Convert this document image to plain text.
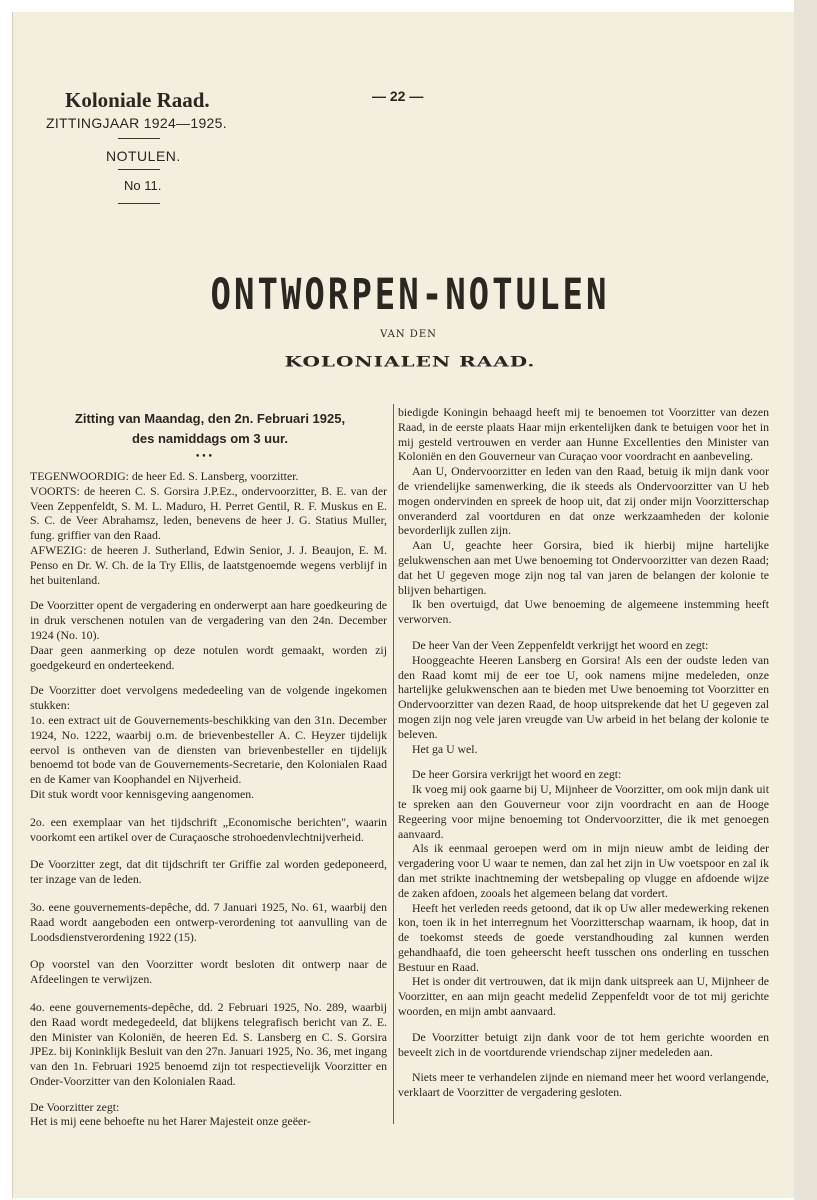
Koloniale Raad.	— 22 —
ZITTINGJAAR 1924—1925.
NOTULEN.
No 11.
ONTWORPEN-NOTULEN
VAN DEN
KOLONIALEN RAAD.
Zitting van Maandag, den 2n. Februari 1925,
des namiddags om 3 uur.
•••

TEGENWOORDIG: de heer Ed. S. Lansberg, voorzitter.

VOORTS: de heeren C. S. Gorsira J.P.Ez., ondervoorzitter, B. E. van der Veen Zeppenfeldt, S. M. L. Maduro, H. Perret Gentil, R. F. Muskus en E. S. C. de Veer Abrahamsz, leden, benevens de heer J. G. Statius Muller, fung. griffier van den Raad.

AFWEZIG: de heeren J. Sutherland, Edwin Senior, J. J. Beaujon, E. M. Penso en Dr. W. Ch. de la Try Ellis, de laatstgenoemde wegens verblijf in het buitenland.

De Voorzitter opent de vergadering en onderwerpt aan hare goedkeuring de in druk verschenen notulen van de vergadering van den 24n. December 1924 (No. 10).

Daar geen aanmerking op deze notulen wordt gemaakt, worden zij goedgekeurd en onderteekend.

De Voorzitter doet vervolgens mededeeling van de volgende ingekomen stukken:

1o. een extract uit de Gouvernements-beschikking van den 31n. December 1924, No. 1222, waarbij o.m. de brievenbesteller A. C. Heyzer tijdelijk eervol is ontheven van de diensten van brievenbesteller en tijdelijk benoemd tot bode van de Gouvernements-Secretarie, den Kolonialen Raad en de Kamer van Koophandel en Nijverheid.

Dit stuk wordt voor kennisgeving aangenomen.

2o. een exemplaar van het tijdschrift „Economische berichten", waarin voorkomt een artikel over de Curaçaosche strohoedenvlechtnijverheid.

De Voorzitter zegt, dat dit tijdschrift ter Griffie zal worden gedeponeerd, ter inzage van de leden.

3o. eene gouvernements-depêche, dd. 7 Januari 1925, No. 61, waarbij den Raad wordt aangeboden een ontwerp-verordening tot aanvulling van de Loodsdienstverordening 1922 (15).

Op voorstel van den Voorzitter wordt besloten dit ontwerp naar de Afdeelingen te verwijzen.

4o. eene gouvernements-depêche, dd. 2 Februari 1925, No. 289, waarbij den Raad wordt medegedeeld, dat blijkens telegrafisch bericht van Z. E. den Minister van Koloniën, de heeren Ed. S. Lansberg en C. S. Gorsira JPEz. bij Koninklijk Besluit van den 27n. Januari 1925, No. 36, met ingang van den 1n. Februari 1925 benoemd zijn tot respectievelijk Voorzitter en Onder-Voorzitter van den Kolonialen Raad.

De Voorzitter zegt:

Het is mij eene behoefte nu het Harer Majesteit onze geëer-

biedigde Koningin behaagd heeft mij te benoemen tot Voorzitter van dezen Raad, in de eerste plaats Haar mijn erkentelijken dank te betuigen voor het in mij gesteld vertrouwen en verder aan Hunne Excellenties den Minister van Koloniën en den Gouverneur van Curaçao voor voordracht en aanbeveling.

Aan U, Ondervoorzitter en leden van den Raad, betuig ik mijn dank voor de vriendelijke samenwerking, die ik steeds als Ondervoorzitter van U heb mogen ondervinden en spreek de hoop uit, dat zij onder mijn Voorzitterschap onveranderd zal voortduren en dat onze werkzaamheden der kolonie bevorderlijk zullen zijn.

Aan U, geachte heer Gorsira, bied ik hierbij mijne hartelijke gelukwenschen aan met Uwe benoeming tot Ondervoorzitter van dezen Raad; dat het U gegeven moge zijn nog tal van jaren de belangen der kolonie te blijven behartigen.

Ik ben overtuigd, dat Uwe benoeming de algemeene instemming heeft verworven.

De heer Van der Veen Zeppenfeldt verkrijgt het woord en zegt:

Hooggeachte Heeren Lansberg en Gorsira! Als een der oudste leden van den Raad komt mij de eer toe U, ook namens mijne medeleden, onze hartelijke gelukwenschen aan te bieden met Uwe benoeming tot Voorzitter en Ondervoorzitter van dezen Raad, de hoop uitsprekende dat het U gegeven zal mogen zijn nog vele jaren vreugde van Uw arbeid in het belang der kolonie te beleven.

Het ga U wel.

De heer Gorsira verkrijgt het woord en zegt:

Ik voeg mij ook gaarne bij U, Mijnheer de Voorzitter, om ook mijn dank uit te spreken aan den Gouverneur voor zijn voordracht en aan de Hooge Regeering voor mijne benoeming tot Ondervoorzitter, die ik met genoegen aanvaard.

Als ik eenmaal geroepen werd om in mijn nieuw ambt de leiding der vergadering voor U waar te nemen, dan zal het zijn in Uw voetspoor en zal ik dan met strikte inachtneming der wetsbepaling op vlugge en afdoende wijze de zaken afdoen, zooals het algemeen belang dat vordert.

Heeft het verleden reeds getoond, dat ik op Uw aller medewerking rekenen kon, toen ik in het interregnum het Voorzitterschap waarnam, ik hoop, dat in de toekomst steeds de goede verstandhouding zal kunnen werden gehandhaafd, die toen geheerscht heeft tusschen ons onderling en tusschen Bestuur en Raad.

Het is onder dit vertrouwen, dat ik mijn dank uitspreek aan U, Mijnheer de Voorzitter, en aan mijn geacht medelid Zeppenfeldt voor de tot mij gerichte woorden, en mijn ambt aanvaard.

De Voorzitter betuigt zijn dank voor de tot hem gerichte woorden en beveelt zich in de voortdurende vriendschap zijner medeleden aan.

Niets meer te verhandelen zijnde en niemand meer het woord verlangende, verklaart de Voorzitter de vergadering gesloten.
